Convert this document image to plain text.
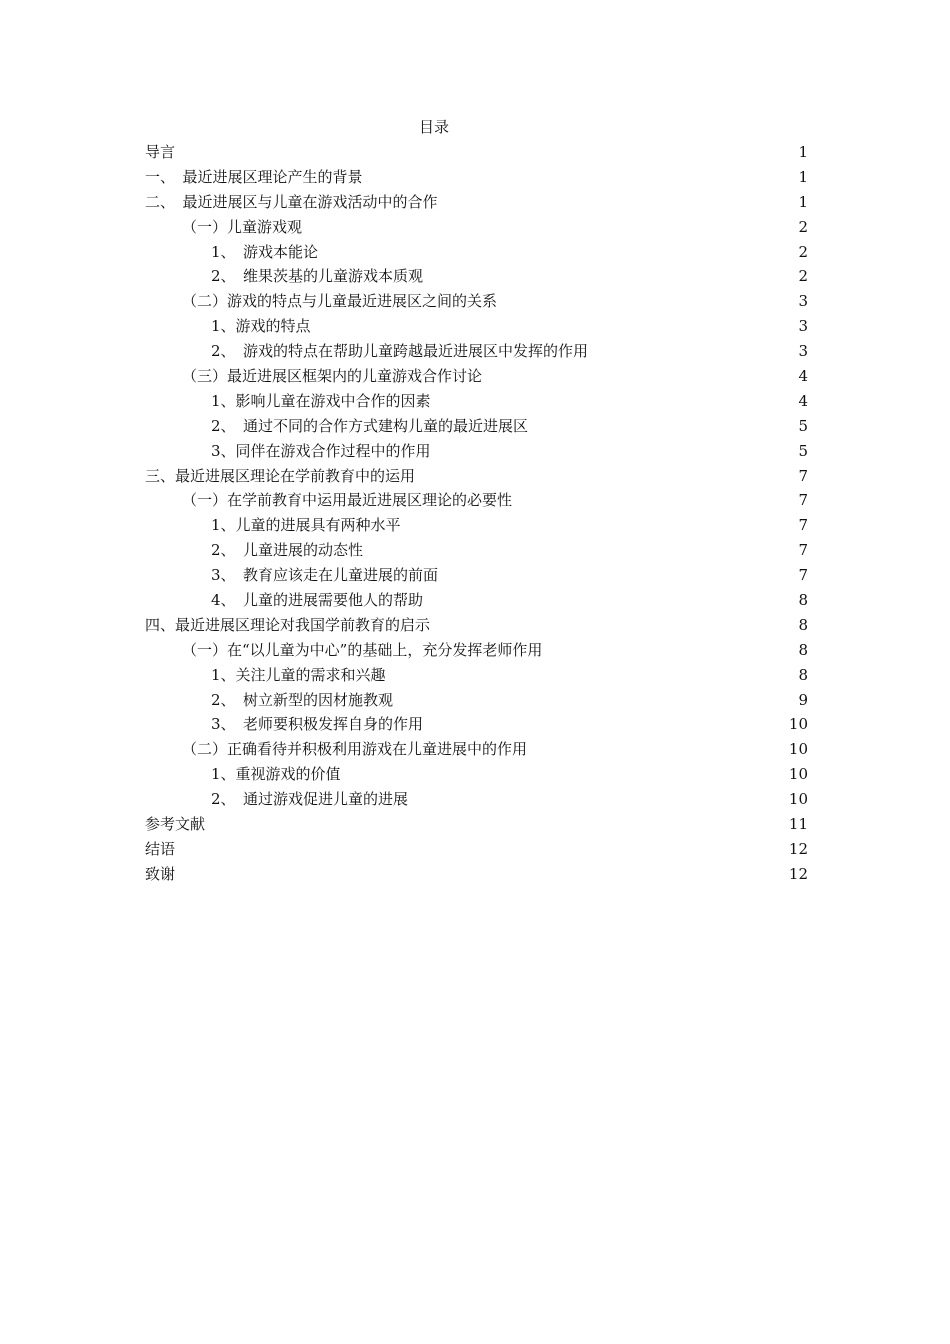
目录
导言	1
一、　最近进展区理论产生的背景	1
二、　最近进展区与儿童在游戏活动中的合作	1
（一）儿童游戏观	2
1、　游戏本能论	2
2、　维果茨基的儿童游戏本质观	2
（二）游戏的特点与儿童最近进展区之间的关系	3
1、游戏的特点	3
2、　游戏的特点在帮助儿童跨越最近进展区中发挥的作用	3
（三）最近进展区框架内的儿童游戏合作讨论	4
1、影响儿童在游戏中合作的因素	4
2、　通过不同的合作方式建构儿童的最近进展区	5
3、同伴在游戏合作过程中的作用	5
三、最近进展区理论在学前教育中的运用	7
（一）在学前教育中运用最近进展区理论的必要性	7
1、儿童的进展具有两种水平	7
2、　儿童进展的动态性	7
3、　教育应该走在儿童进展的前面	7
4、　儿童的进展需要他人的帮助	8
四、最近进展区理论对我国学前教育的启示	8
（一）在“以儿童为中心”的基础上，充分发挥老师作用	8
1、关注儿童的需求和兴趣	8
2、　树立新型的因材施教观	9
3、　老师要积极发挥自身的作用	10
（二）正确看待并积极利用游戏在儿童进展中的作用	10
1、重视游戏的价值	10
2、　通过游戏促进儿童的进展	10
参考文献	11
结语	12
致谢	12
